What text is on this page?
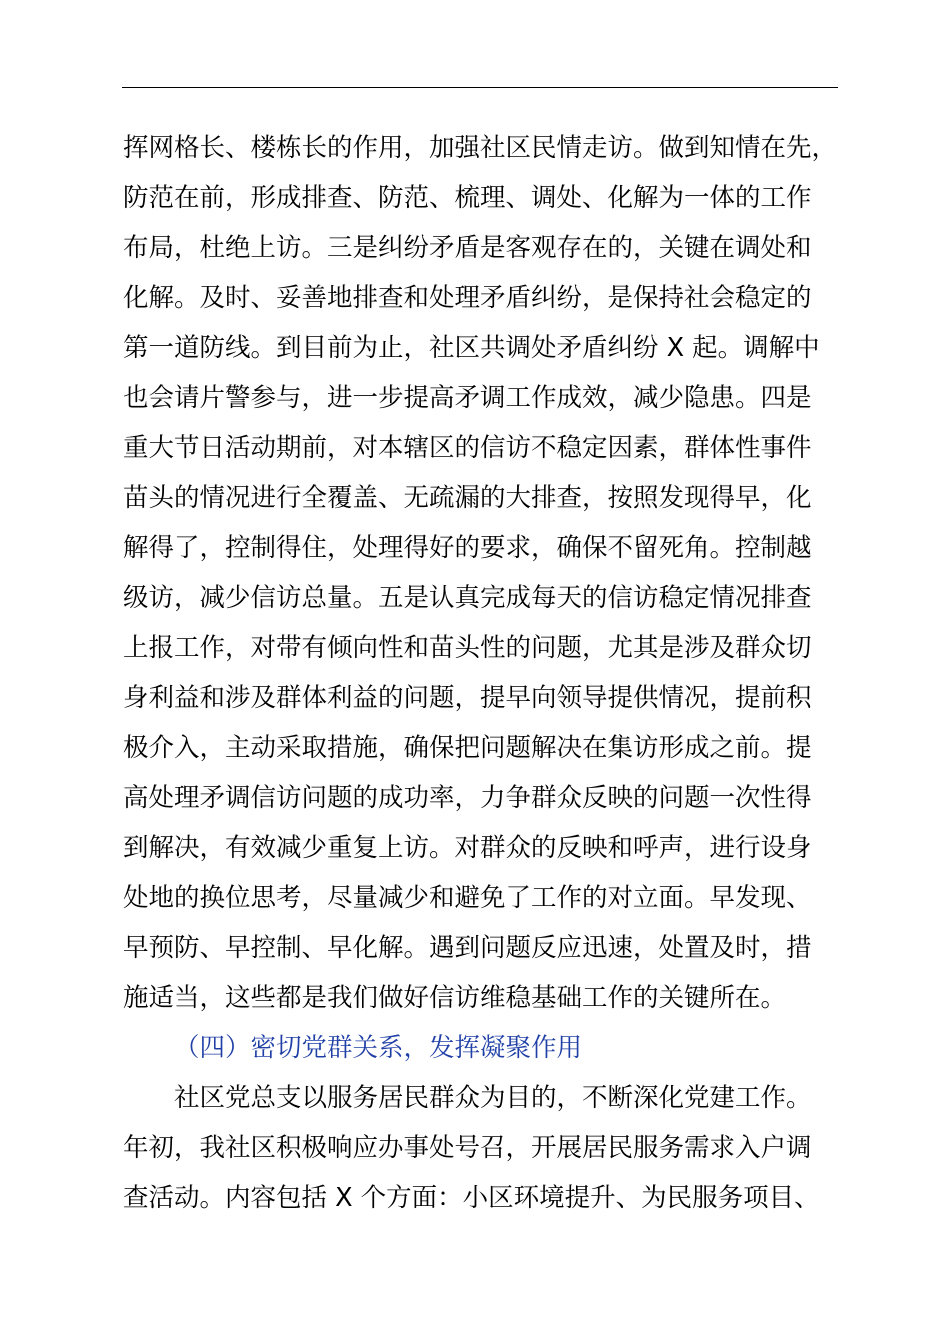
挥网格长、楼栋长的作用，加强社区民情走访。做到知情在先，
防范在前，形成排查、防范、梳理、调处、化解为一体的工作
布局，杜绝上访。三是纠纷矛盾是客观存在的，关键在调处和
化解。及时、妥善地排查和处理矛盾纠纷，是保持社会稳定的
第一道防线。到目前为止，社区共调处矛盾纠纷 X 起。调解中
也会请片警参与，进一步提高矛调工作成效，减少隐患。四是
重大节日活动期前，对本辖区的信访不稳定因素，群体性事件
苗头的情况进行全覆盖、无疏漏的大排查，按照发现得早，化
解得了，控制得住，处理得好的要求，确保不留死角。控制越
级访，减少信访总量。五是认真完成每天的信访稳定情况排查
上报工作，对带有倾向性和苗头性的问题，尤其是涉及群众切
身利益和涉及群体利益的问题，提早向领导提供情况，提前积
极介入，主动采取措施，确保把问题解决在集访形成之前。提
高处理矛调信访问题的成功率，力争群众反映的问题一次性得
到解决，有效减少重复上访。对群众的反映和呼声，进行设身
处地的换位思考，尽量减少和避免了工作的对立面。早发现、
早预防、早控制、早化解。遇到问题反应迅速，处置及时，措
施适当，这些都是我们做好信访维稳基础工作的关键所在。
（四）密切党群关系，发挥凝聚作用
社区党总支以服务居民群众为目的，不断深化党建工作。
年初，我社区积极响应办事处号召，开展居民服务需求入户调
查活动。内容包括 X 个方面：小区环境提升、为民服务项目、
